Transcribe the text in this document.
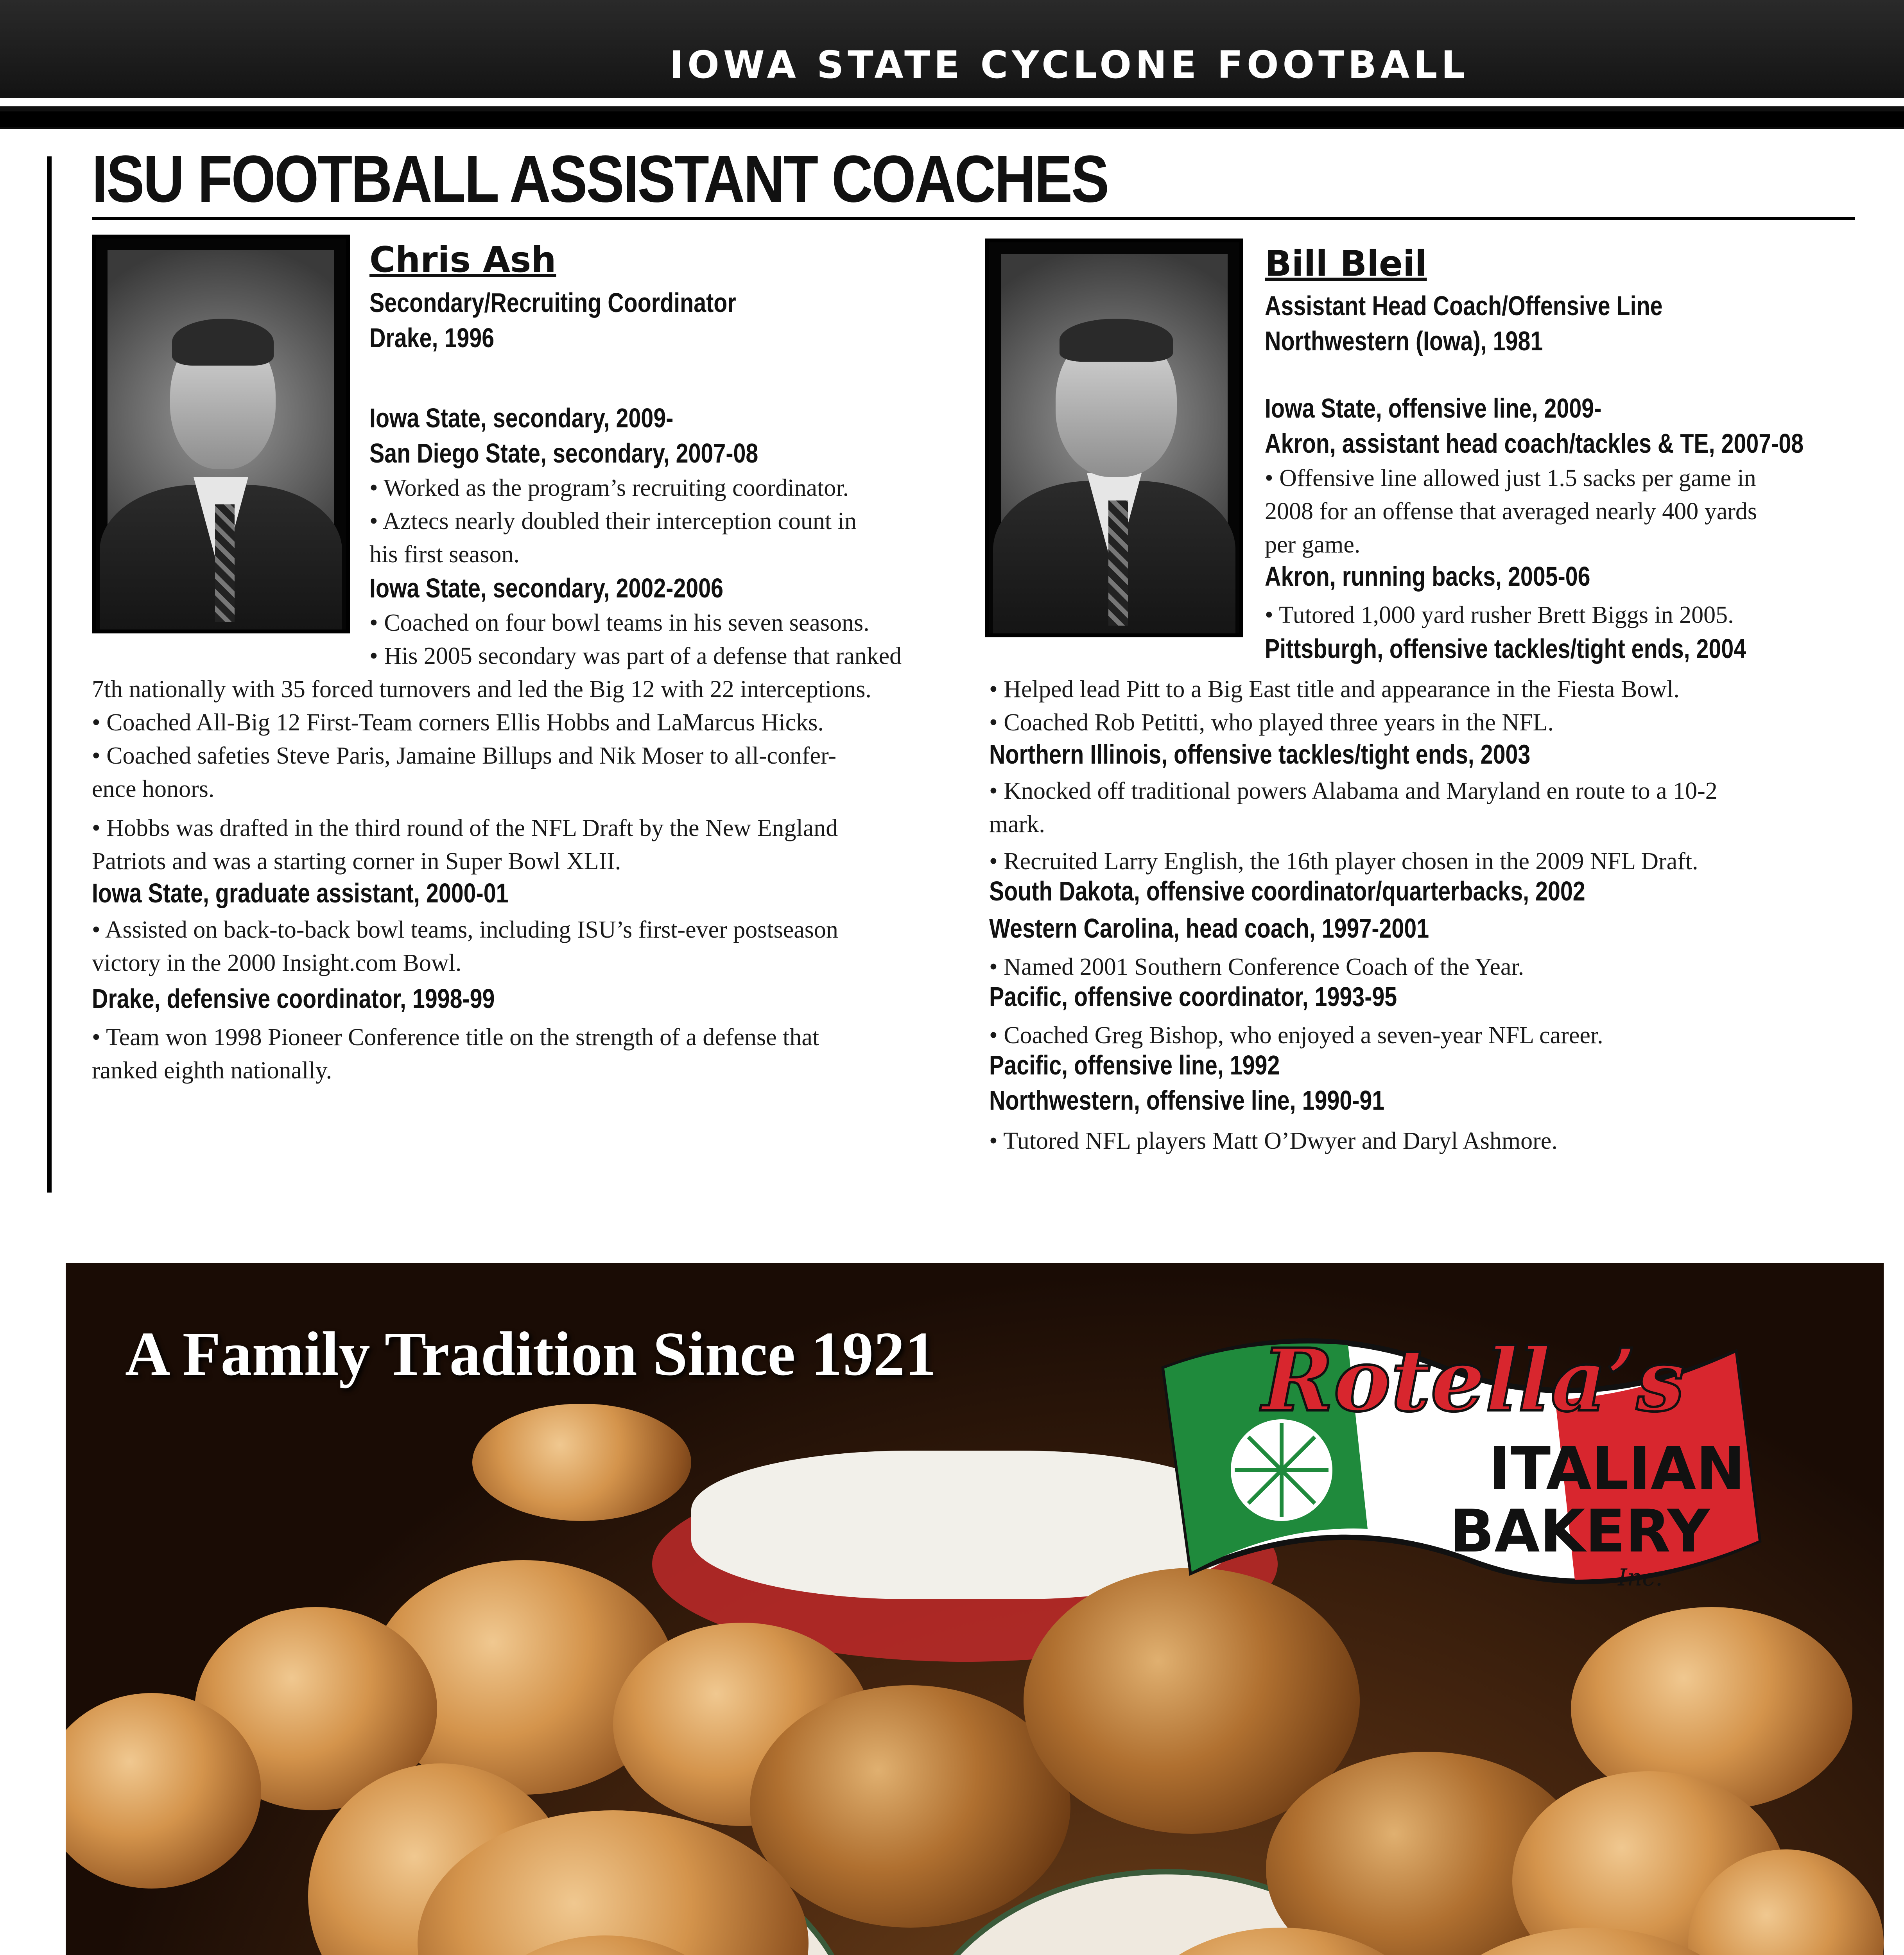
IOWA STATE CYCLONE FOOTBALL
ISU FOOTBALL ASSISTANT COACHES
Chris Ash
Secondary/Recruiting Coordinator
Drake, 1996
Bill Bleil
Assistant Head Coach/Offensive Line
Northwestern (Iowa), 1981
Iowa State, secondary, 2009-
San Diego State, secondary, 2007-08
• Worked as the program’s recruiting coordinator.
• Aztecs nearly doubled their interception count in
his first season.
Iowa State, secondary, 2002-2006
• Coached on four bowl teams in his seven seasons.
• His 2005 secondary was part of a defense that ranked
7th nationally with 35 forced turnovers and led the Big 12 with 22 interceptions.
• Coached All-Big 12 First-Team corners Ellis Hobbs and LaMarcus Hicks.
• Coached safeties Steve Paris, Jamaine Billups and Nik Moser to all-confer-
ence honors.
• Hobbs was drafted in the third round of the NFL Draft by the New England
Patriots and was a starting corner in Super Bowl XLII.
Iowa State, graduate assistant, 2000-01
• Assisted on back-to-back bowl teams, including ISU’s first-ever postseason
victory in the 2000 Insight.com Bowl.
Drake, defensive coordinator, 1998-99
• Team won 1998 Pioneer Conference title on the strength of a defense that
ranked eighth nationally.
Iowa State, offensive line, 2009-
Akron, assistant head coach/tackles & TE, 2007-08
• Offensive line allowed just 1.5 sacks per game in
2008 for an offense that averaged nearly 400 yards
per game.
Akron, running backs, 2005-06
• Tutored 1,000 yard rusher Brett Biggs in 2005.
Pittsburgh, offensive tackles/tight ends, 2004
• Helped lead Pitt to a Big East title and appearance in the Fiesta Bowl.
• Coached Rob Petitti, who played three years in the NFL.
Northern Illinois, offensive tackles/tight ends, 2003
• Knocked off traditional powers Alabama and Maryland en route to a 10-2
mark.
• Recruited Larry English, the 16th player chosen in the 2009 NFL Draft.
South Dakota, offensive coordinator/quarterbacks, 2002
Western Carolina, head coach, 1997-2001
• Named 2001 Southern Conference Coach of the Year.
Pacific, offensive coordinator, 1993-95
• Coached Greg Bishop, who enjoyed a seven-year NFL career.
Pacific, offensive line, 1992
Northwestern, offensive line, 1990-91
• Tutored NFL players Matt O’Dwyer and Daryl Ashmore.
Rotella’s
ITALIAN
BAKERY
Inc.
A Family Tradition Since 1921
